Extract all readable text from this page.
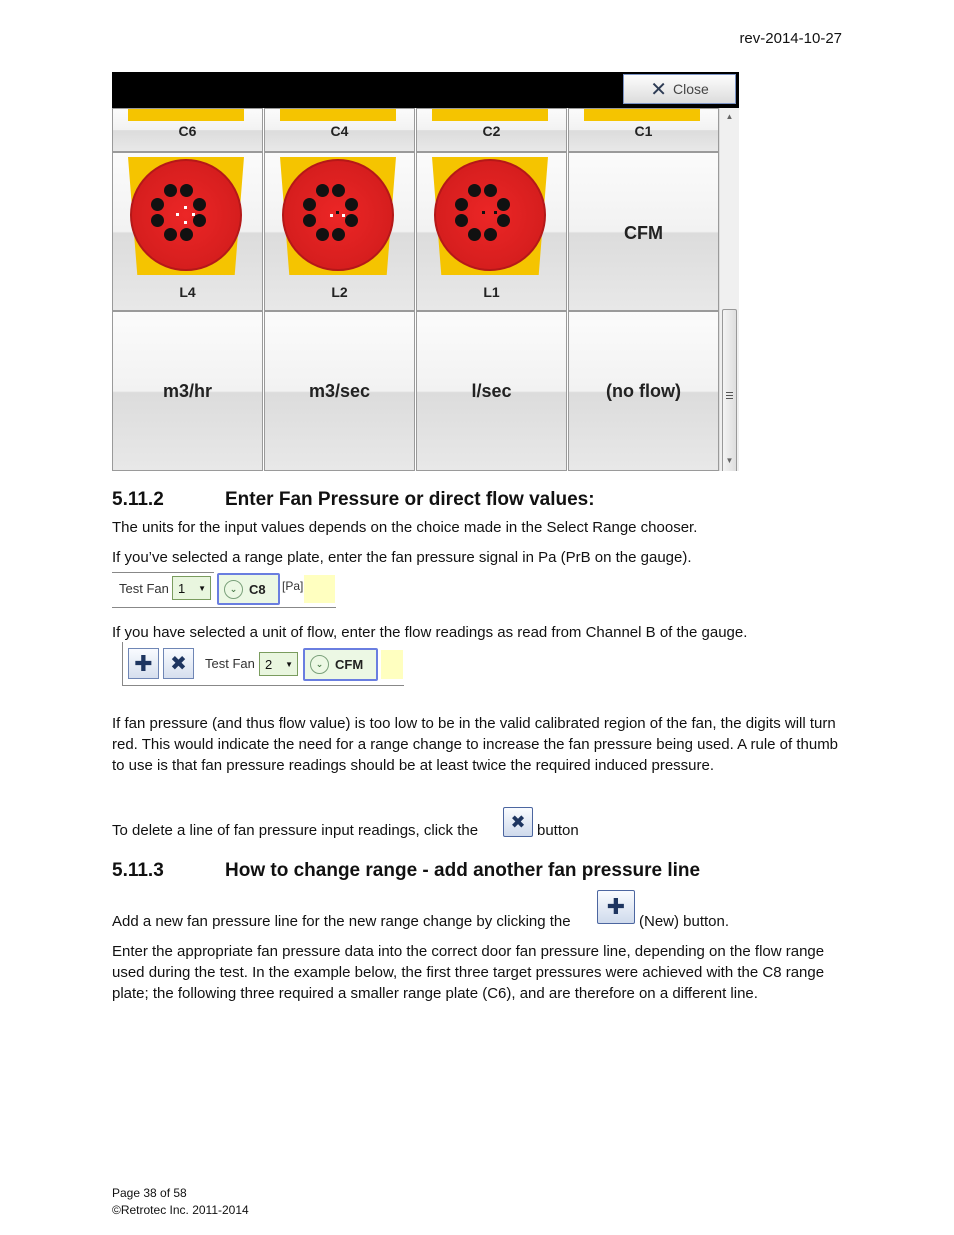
rev-2014-10-27
✕ Close
C6	C4	C2	C1
L4	L2	L1
CFM
m3/hr	m3/sec	l/sec	(no flow)
▲
▼
5.11.2	Enter Fan Pressure or direct flow values:
The units for the input values depends on the choice made in the Select Range chooser.
If you’ve selected a range plate, enter the fan pressure signal in Pa (PrB on the gauge).
Test Fan 1 ▼	⌄ C8 [Pa]
If you have selected a unit of flow, enter the flow readings as read from Channel B of the gauge.
✚ ✖ Test Fan 2 ▼	⌄ CFM
If fan pressure (and thus flow value) is too low to be in the valid calibrated region of the fan, the digits will turn red. This would indicate the need for a range change to increase the fan pressure being used. A rule of thumb to use is that fan pressure readings should be at least twice the required induced pressure.
To delete a line of fan pressure input readings, click the	✖ button
5.11.3	How to change range - add another fan pressure line
Add a new fan pressure line for the new range change by clicking the
✚
(New) button.
Enter the appropriate fan pressure data into the correct door fan pressure line, depending on the flow range used during the test. In the example below, the first three target pressures were achieved with the C8 range plate; the following three required a smaller range plate (C6), and are therefore on a different line.
Page 38 of 58
©Retrotec Inc. 2011-2014
